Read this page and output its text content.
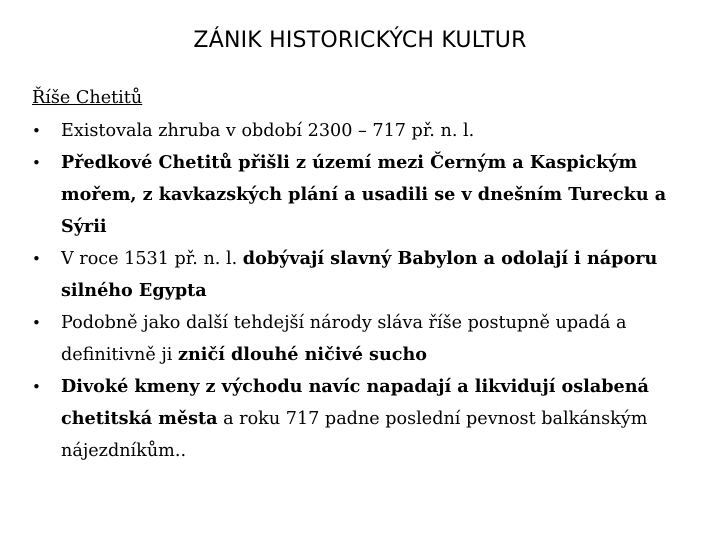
ZÁNIK HISTORICKÝCH KULTUR
Říše Chetitů
• Existovala zhruba v období 2300 – 717 př. n. l.
• Předkové Chetitů přišli z území mezi Černým a Kaspickým mořem, z kavkazských plání a usadili se v dnešním Turecku a Sýrii
• V roce 1531 př. n. l. dobývají slavný Babylon a odolají i náporu silného Egypta
• Podobně jako další tehdejší národy sláva říše postupně upadá a definitivně ji zničí dlouhé ničivé sucho
• Divoké kmeny z východu navíc napadají a likvidují oslabená chetitská města a roku 717 padne poslední pevnost balkánským nájezdníkům..
